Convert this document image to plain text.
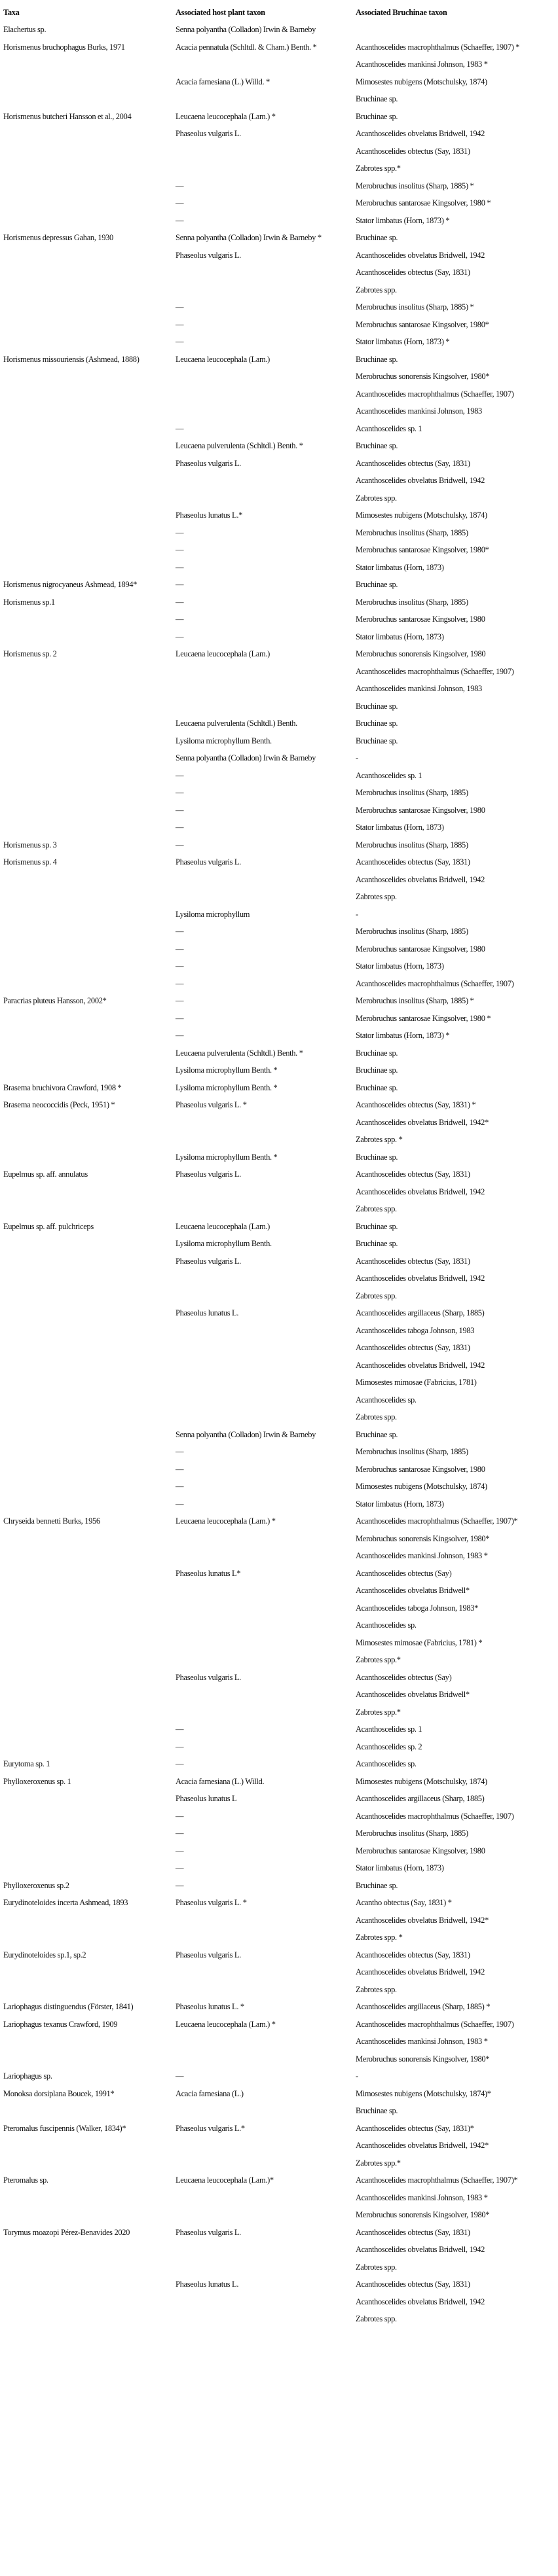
Taxa	Associated host plant taxon	Associated Bruchinae taxon
Elachertus sp.	Senna polyantha (Colladon) Irwin & Barneby	
Horismenus bruchophagus Burks, 1971	Acacia pennatula (Schltdl. & Cham.) Benth. *	Acanthoscelides macrophthalmus (Schaeffer, 1907) *
		Acanthoscelides mankinsi Johnson, 1983 *
	Acacia farnesiana (L.) Willd. *	Mimosestes nubigens (Motschulsky, 1874)
		Bruchinae sp.
Horismenus butcheri Hansson et al., 2004	Leucaena leucocephala (Lam.) *	Bruchinae sp.
	Phaseolus vulgaris L.	Acanthoscelides obvelatus Bridwell, 1942
		Acanthoscelides obtectus (Say, 1831)
		Zabrotes spp.*
	—	Merobruchus insolitus (Sharp, 1885) *
	—	Merobruchus santarosae Kingsolver, 1980 *
	—	Stator limbatus (Horn, 1873) *
Horismenus depressus Gahan, 1930	Senna polyantha (Colladon) Irwin & Barneby *	Bruchinae sp.
	Phaseolus vulgaris L.	Acanthoscelides obvelatus Bridwell, 1942
		Acanthoscelides obtectus (Say, 1831)
		Zabrotes spp.
	—	Merobruchus insolitus (Sharp, 1885) *
	—	Merobruchus santarosae Kingsolver, 1980*
	—	Stator limbatus (Horn, 1873) *
Horismenus missouriensis (Ashmead, 1888)	Leucaena leucocephala (Lam.)	Bruchinae sp.
		Merobruchus sonorensis Kingsolver, 1980*
		Acanthoscelides macrophthalmus (Schaeffer, 1907)
		Acanthoscelides mankinsi Johnson, 1983
	—	Acanthoscelides sp. 1
	Leucaena pulverulenta (Schltdl.) Benth. *	Bruchinae sp.
	Phaseolus vulgaris L.	Acanthoscelides obtectus (Say, 1831)
		Acanthoscelides obvelatus Bridwell, 1942
		Zabrotes spp.
	Phaseolus lunatus L.*	Mimosestes nubigens (Motschulsky, 1874)
	—	Merobruchus insolitus (Sharp, 1885)
	—	Merobruchus santarosae Kingsolver, 1980*
	—	Stator limbatus (Horn, 1873)
Horismenus nigrocyaneus Ashmead, 1894*	—	Bruchinae sp.
Horismenus sp.1	—	Merobruchus insolitus (Sharp, 1885)
	—	Merobruchus santarosae Kingsolver, 1980
	—	Stator limbatus (Horn, 1873)
Horismenus sp. 2	Leucaena leucocephala (Lam.)	Merobruchus sonorensis Kingsolver, 1980
		Acanthoscelides macrophthalmus (Schaeffer, 1907)
		Acanthoscelides mankinsi Johnson, 1983
		Bruchinae sp.
	Leucaena pulverulenta (Schltdl.) Benth.	Bruchinae sp.
	Lysiloma microphyllum Benth.	Bruchinae sp.
	Senna polyantha (Colladon) Irwin & Barneby	-
	—	Acanthoscelides sp. 1
	—	Merobruchus insolitus (Sharp, 1885)
	—	Merobruchus santarosae Kingsolver, 1980
	—	Stator limbatus (Horn, 1873)
Horismenus sp. 3	—	Merobruchus insolitus (Sharp, 1885)
Horismenus sp. 4	Phaseolus vulgaris L.	Acanthoscelides obtectus (Say, 1831)
		Acanthoscelides obvelatus Bridwell, 1942
		Zabrotes spp.
	Lysiloma microphyllum	-
	—	Merobruchus insolitus (Sharp, 1885)
	—	Merobruchus santarosae Kingsolver, 1980
	—	Stator limbatus (Horn, 1873)
	—	Acanthoscelides macrophthalmus (Schaeffer, 1907)
Paracrias pluteus Hansson, 2002*	—	Merobruchus insolitus (Sharp, 1885) *
	—	Merobruchus santarosae Kingsolver, 1980 *
	—	Stator limbatus (Horn, 1873) *
	Leucaena pulverulenta (Schltdl.) Benth. *	Bruchinae sp.
	Lysiloma microphyllum Benth. *	Bruchinae sp.
Brasema bruchivora Crawford, 1908 *	Lysiloma microphyllum Benth. *	Bruchinae sp.
Brasema neococcidis (Peck, 1951) *	Phaseolus vulgaris L. *	Acanthoscelides obtectus (Say, 1831) *
		Acanthoscelides obvelatus Bridwell, 1942*
		Zabrotes spp. *
	Lysiloma microphyllum Benth. *	Bruchinae sp.
Eupelmus sp. aff. annulatus	Phaseolus vulgaris L.	Acanthoscelides obtectus (Say, 1831)
		Acanthoscelides obvelatus Bridwell, 1942
		Zabrotes spp.
Eupelmus sp. aff. pulchriceps	Leucaena leucocephala (Lam.)	Bruchinae sp.
	Lysiloma microphyllum Benth.	Bruchinae sp.
	Phaseolus vulgaris L.	Acanthoscelides obtectus (Say, 1831)
		Acanthoscelides obvelatus Bridwell, 1942
		Zabrotes spp.
	Phaseolus lunatus L.	Acanthoscelides argillaceus (Sharp, 1885)
		Acanthoscelides taboga Johnson, 1983
		Acanthoscelides obtectus (Say, 1831)
		Acanthoscelides obvelatus Bridwell, 1942
		Mimosestes mimosae (Fabricius, 1781)
		Acanthoscelides sp.
		Zabrotes spp.
	Senna polyantha (Colladon) Irwin & Barneby	Bruchinae sp.
	—	Merobruchus insolitus (Sharp, 1885)
	—	Merobruchus santarosae Kingsolver, 1980
	—	Mimosestes nubigens (Motschulsky, 1874)
	—	Stator limbatus (Horn, 1873)
Chryseida bennetti Burks, 1956	Leucaena leucocephala (Lam.) *	Acanthoscelides macrophthalmus (Schaeffer, 1907)*
		Merobruchus sonorensis Kingsolver, 1980*
		Acanthoscelides mankinsi Johnson, 1983 *
	Phaseolus lunatus L*	Acanthoscelides obtectus (Say)
		Acanthoscelides obvelatus Bridwell*
		Acanthoscelides taboga Johnson, 1983*
		Acanthoscelides sp.
		Mimosestes mimosae (Fabricius, 1781) *
		Zabrotes spp.*
	Phaseolus vulgaris L.	Acanthoscelides obtectus (Say)
		Acanthoscelides obvelatus Bridwell*
		Zabrotes spp.*
	—	Acanthoscelides sp. 1
	—	Acanthoscelides sp. 2
Eurytoma sp. 1	—	Acanthoscelides sp.
Phylloxeroxenus sp. 1	Acacia farnesiana (L.) Willd.	Mimosestes nubigens (Motschulsky, 1874)
	Phaseolus lunatus L	Acanthoscelides argillaceus (Sharp, 1885)
	—	Acanthoscelides macrophthalmus (Schaeffer, 1907)
	—	Merobruchus insolitus (Sharp, 1885)
	—	Merobruchus santarosae Kingsolver, 1980
	—	Stator limbatus (Horn, 1873)
Phylloxeroxenus sp.2	—	Bruchinae sp.
Eurydinoteloides incerta Ashmead, 1893	Phaseolus vulgaris L. *	Acantho obtectus (Say, 1831) *
		Acanthoscelides obvelatus Bridwell, 1942*
		Zabrotes spp. *
Eurydinoteloides sp.1, sp.2	Phaseolus vulgaris L.	Acanthoscelides obtectus (Say, 1831)
		Acanthoscelides obvelatus Bridwell, 1942
		Zabrotes spp.
Lariophagus distinguendus (Förster, 1841)	Phaseolus lunatus L. *	Acanthoscelides argillaceus (Sharp, 1885) *
Lariophagus texanus Crawford, 1909	Leucaena leucocephala (Lam.) *	Acanthoscelides macrophthalmus (Schaeffer, 1907)
		Acanthoscelides mankinsi Johnson, 1983 *
		Merobruchus sonorensis Kingsolver, 1980*
Lariophagus sp.	—	-
Monoksa dorsiplana Boucek, 1991*	Acacia farnesiana (L.)	Mimosestes nubigens (Motschulsky, 1874)*
		Bruchinae sp.
Pteromalus fuscipennis (Walker, 1834)*	Phaseolus vulgaris L.*	Acanthoscelides obtectus (Say, 1831)*
		Acanthoscelides obvelatus Bridwell, 1942*
		Zabrotes spp.*
Pteromalus sp.	Leucaena leucocephala (Lam.)*	Acanthoscelides macrophthalmus (Schaeffer, 1907)*
		Acanthoscelides mankinsi Johnson, 1983 *
		Merobruchus sonorensis Kingsolver, 1980*
Torymus moazopi Pérez-Benavides 2020	Phaseolus vulgaris L.	Acanthoscelides obtectus (Say, 1831)
		Acanthoscelides obvelatus Bridwell, 1942
		Zabrotes spp.
	Phaseolus lunatus L.	Acanthoscelides obtectus (Say, 1831)
		Acanthoscelides obvelatus Bridwell, 1942
		Zabrotes spp.
